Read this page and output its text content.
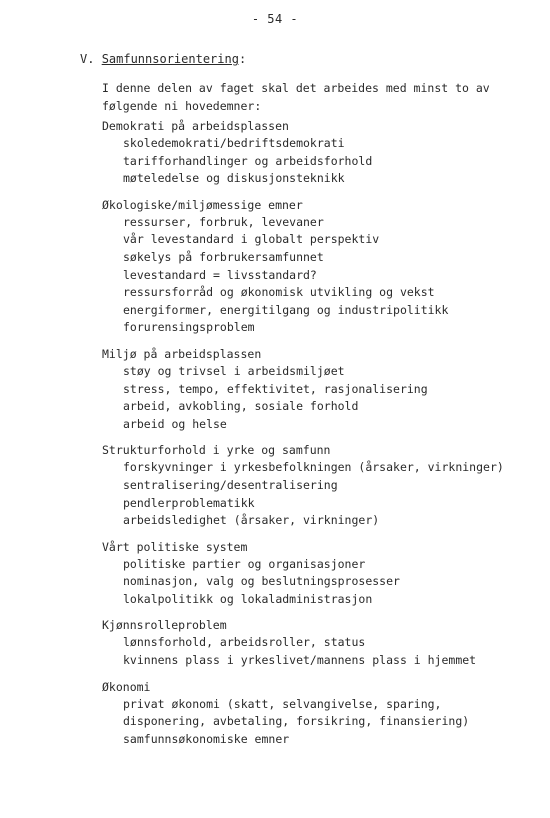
- 54 -
V. Samfunnsorientering:
I denne delen av faget skal det arbeides med minst to av
følgende ni hovedemner:
Demokrati på arbeidsplassen
skoledemokrati/bedriftsdemokrati
tarifforhandlinger og arbeidsforhold
møteledelse og diskusjonsteknikk
Økologiske/miljømessige emner
ressurser, forbruk, levevaner
vår levestandard i globalt perspektiv
søkelys på forbrukersamfunnet
levestandard = livsstandard?
ressursforråd og økonomisk utvikling og vekst
energiformer, energitilgang og industripolitikk
forurensingsproblem
Miljø på arbeidsplassen
støy og trivsel i arbeidsmiljøet
stress, tempo, effektivitet, rasjonalisering
arbeid, avkobling, sosiale forhold
arbeid og helse
Strukturforhold i yrke og samfunn
forskyvninger i yrkesbefolkningen (årsaker, virkninger)
sentralisering/desentralisering
pendlerproblematikk
arbeidsledighet (årsaker, virkninger)
Vårt politiske system
politiske partier og organisasjoner
nominasjon, valg og beslutningsprosesser
lokalpolitikk og lokaladministrasjon
Kjønnsrolleproblem
lønnsforhold, arbeidsroller, status
kvinnens plass i yrkeslivet/mannens plass i hjemmet
Økonomi
privat økonomi (skatt, selvangivelse, sparing,
disponering, avbetaling, forsikring, finansiering)
samfunnsøkonomiske emner
